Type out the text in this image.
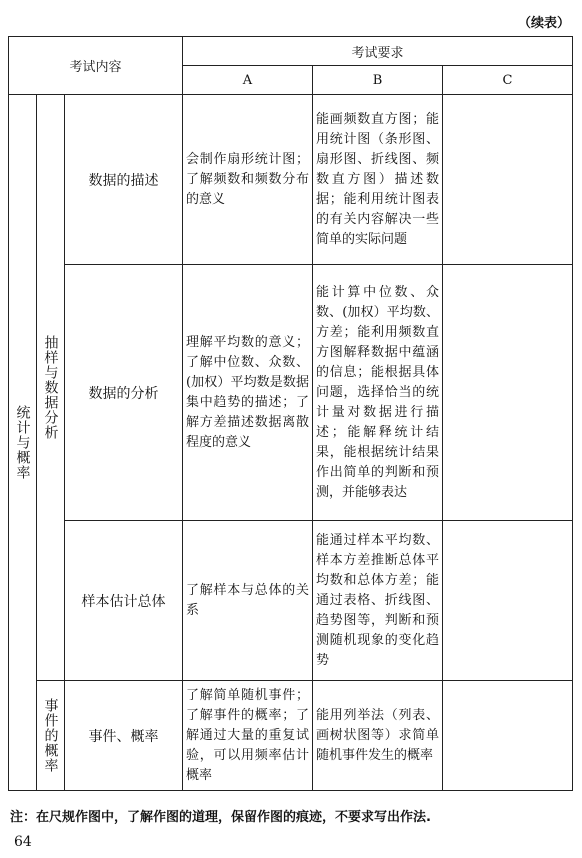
（续表）
考试内容			考试要求		
			A	B	C

统计与概率	抽样与数据分析	数据的描述	会制作扇形统计图；了解频数和频数分布的意义	能画频数直方图；能用统计图（条形图、扇形图、折线图、频数直方图）描述数据；能利用统计图表的有关内容解决一些简单的实际问题	
		数据的分析	理解平均数的意义；了解中位数、众数、(加权）平均数是数据集中趋势的描述；了解方差描述数据离散程度的意义	能计算中位数、众数、(加权）平均数、方差；能利用频数直方图解释数据中蕴涵的信息；能根据具体问题，选择恰当的统计量对数据进行描述；能解释统计结果，能根据统计结果作出简单的判断和预测，并能够表达	
		样本估计总体	了解样本与总体的关系	能通过样本平均数、样本方差推断总体平均数和总体方差；能通过表格、折线图、趋势图等，判断和预测随机现象的变化趋势	

	事件的概率	事件、概率	了解简单随机事件；了解事件的概率；了解通过大量的重复试验，可以用频率估计概率	能用列举法（列表、画树状图等）求简单随机事件发生的概率	
注：在尺规作图中，了解作图的道理，保留作图的痕迹，不要求写出作法.
64
